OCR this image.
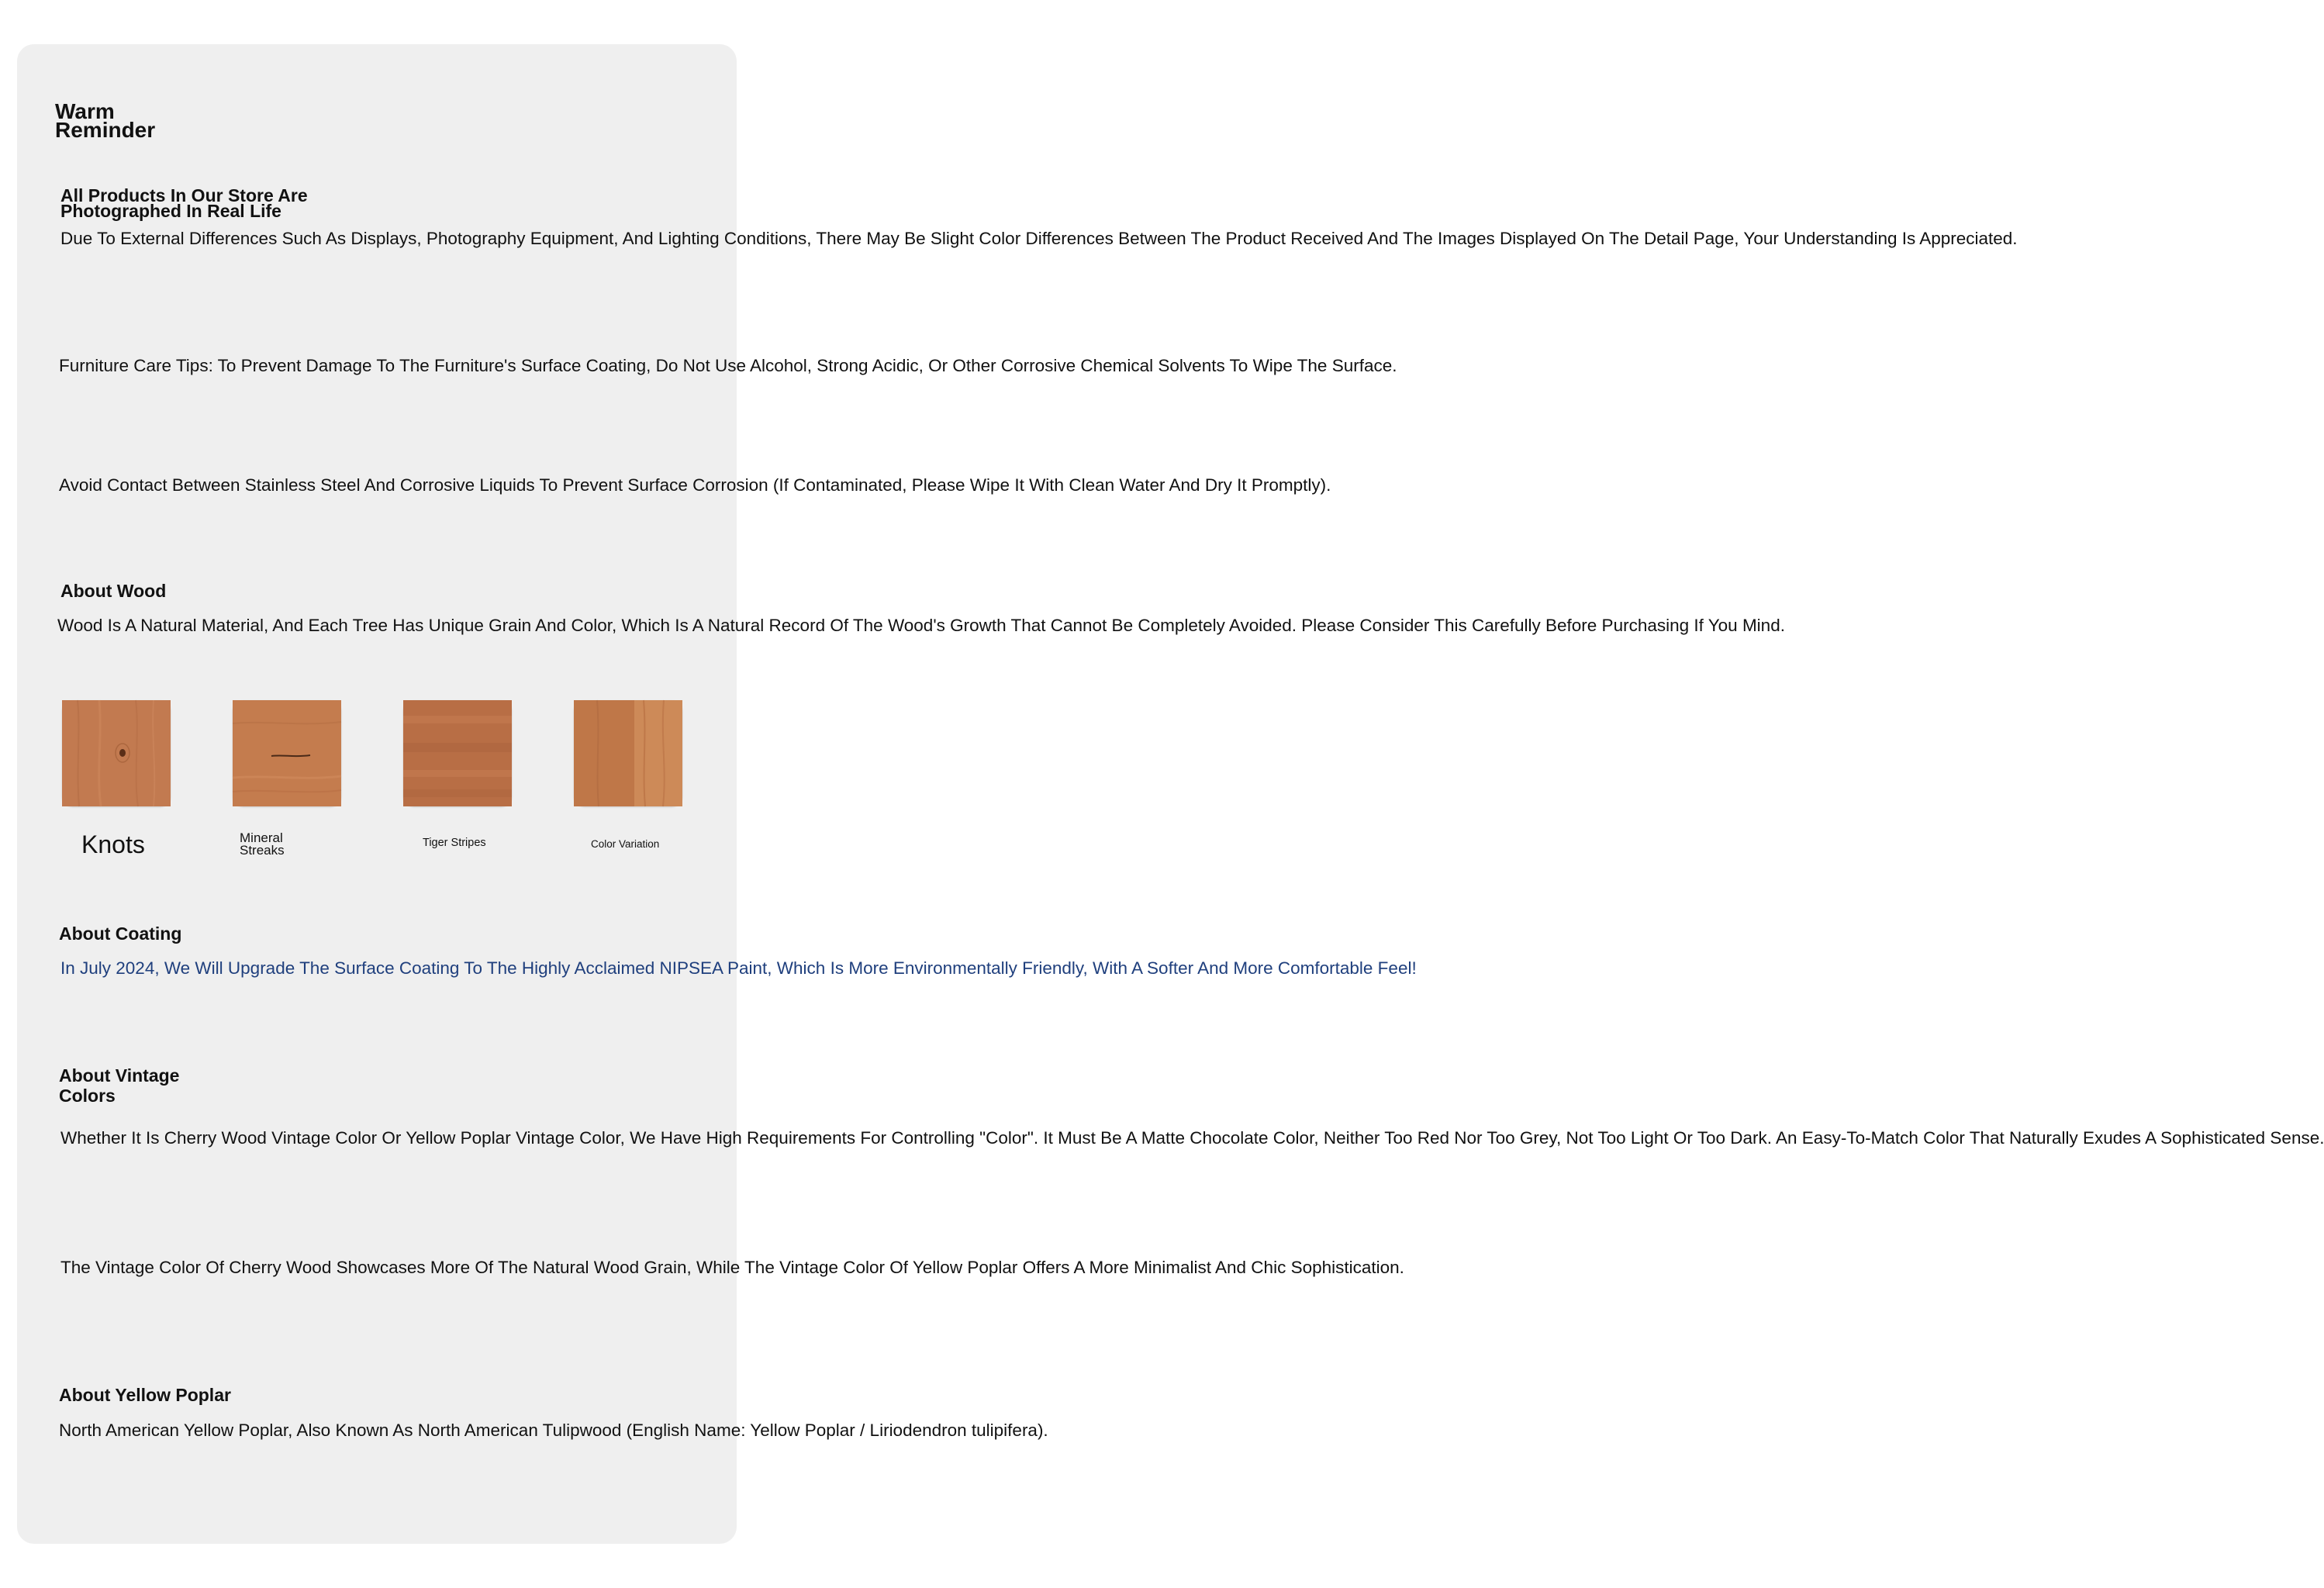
Warm
Reminder
All Products In Our Store Are
Photographed In Real Life

Due To External Differences Such As Displays, Photography Equipment, And Lighting Conditions, There May Be Slight Color Differences Between The Product Received And The Images Displayed On The Detail Page, Your Understanding Is Appreciated.

Furniture Care Tips: To Prevent Damage To The Furniture's Surface Coating, Do Not Use Alcohol, Strong Acidic, Or Other Corrosive Chemical Solvents To Wipe The Surface.

Avoid Contact Between Stainless Steel And Corrosive Liquids To Prevent Surface Corrosion (If Contaminated, Please Wipe It With Clean Water And Dry It Promptly).

About Wood

Wood Is A Natural Material, And Each Tree Has Unique Grain And Color, Which Is A Natural Record Of The Wood's Growth That Cannot Be Completely Avoided. Please Consider This Carefully Before Purchasing If You Mind.

Knots	Mineral
Streaks	Tiger Stripes	Color Variation
About Coating

In July 2024, We Will Upgrade The Surface Coating To The Highly Acclaimed NIPSEA Paint, Which Is More Environmentally Friendly, With A Softer And More Comfortable Feel!

About Vintage
Colors

Whether It Is Cherry Wood Vintage Color Or Yellow Poplar Vintage Color, We Have High Requirements For Controlling "Color". It Must Be A Matte Chocolate Color, Neither Too Red Nor Too Grey, Not Too Light Or Too Dark. An Easy-To-Match Color That Naturally Exudes A Sophisticated Sense.

The Vintage Color Of Cherry Wood Showcases More Of The Natural Wood Grain, While The Vintage Color Of Yellow Poplar Offers A More Minimalist And Chic Sophistication.

About Yellow Poplar

North American Yellow Poplar, Also Known As North American Tulipwood (English Name: Yellow Poplar / Liriodendron tulipifera).
